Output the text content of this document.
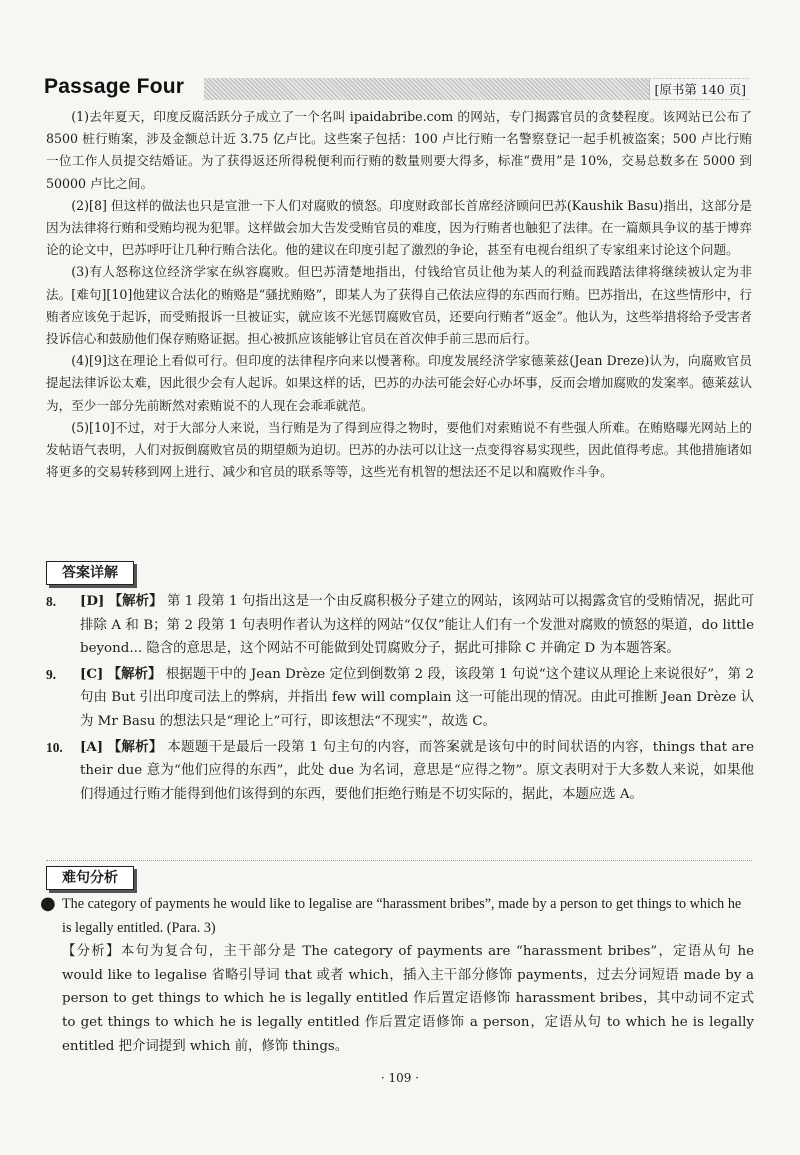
Passage Four	[原书第 140 页]

(1)去年夏天，印度反腐活跃分子成立了一个名叫 ipaidabribe.com 的网站，专门揭露官员的贪婪程度。该网站已公布了 8500 桩行贿案，涉及金额总计近 3.75 亿卢比。这些案子包括：100 卢比行贿一名警察登记一起手机被盗案；500 卢比行贿一位工作人员提交结婚证。为了获得返还所得税便利而行贿的数量则要大得多，标准“费用”是 10%，交易总数多在 5000 到 50000 卢比之间。

(2)[8] 但这样的做法也只是宣泄一下人们对腐败的愤怒。印度财政部长首席经济顾问巴苏(Kaushik Basu)指出，这部分是因为法律将行贿和受贿均视为犯罪。这样做会加大告发受贿官员的难度，因为行贿者也触犯了法律。在一篇颇具争议的基于博弈论的论文中，巴苏呼吁让几种行贿合法化。他的建议在印度引起了激烈的争论，甚至有电视台组织了专家组来讨论这个问题。

(3)有人怒称这位经济学家在纵容腐败。但巴苏清楚地指出，付钱给官员让他为某人的利益而践踏法律将继续被认定为非法。[难句][10]他建议合法化的贿赂是“骚扰贿赂”，即某人为了获得自己依法应得的东西而行贿。巴苏指出，在这些情形中，行贿者应该免于起诉，而受贿报诉一旦被证实，就应该不光惩罚腐败官员，还要向行贿者“返金”。他认为，这些举措将给予受害者投诉信心和鼓励他们保存贿赂证据。担心被抓应该能够让官员在首次伸手前三思而后行。

(4)[9]这在理论上看似可行。但印度的法律程序向来以慢著称。印度发展经济学家德莱兹(Jean Dreze)认为，向腐败官员提起法律诉讼太难，因此很少会有人起诉。如果这样的话，巴苏的办法可能会好心办坏事，反而会增加腐败的发案率。德莱兹认为，至少一部分先前断然对索贿说不的人现在会乖乖就范。

(5)[10]不过，对于大部分人来说，当行贿是为了得到应得之物时，要他们对索贿说不有些强人所难。在贿赂曝光网站上的发帖语气表明，人们对扳倒腐败官员的期望颇为迫切。巴苏的办法可以让这一点变得容易实现些，因此值得考虑。其他措施诸如将更多的交易转移到网上进行、减少和官员的联系等等，这些光有机智的想法还不足以和腐败作斗争。

答案详解
8.	[D] 【解析】 第 1 段第 1 句指出这是一个由反腐积极分子建立的网站，该网站可以揭露贪官的受贿情况，据此可排除 A 和 B；第 2 段第 1 句表明作者认为这样的网站“仅仅”能让人们有一个发泄对腐败的愤怒的渠道，do little beyond... 隐含的意思是，这个网站不可能做到处罚腐败分子，据此可排除 C 并确定 D 为本题答案。
9.	[C] 【解析】 根据题干中的 Jean Drèze 定位到倒数第 2 段，该段第 1 句说“这个建议从理论上来说很好”，第 2 句由 But 引出印度司法上的弊病，并指出 few will complain 这一可能出现的情况。由此可推断 Jean Drèze 认为 Mr Basu 的想法只是“理论上”可行，即该想法“不现实”，故选 C。
10.	[A] 【解析】 本题题干是最后一段第 1 句主句的内容，而答案就是该句中的时间状语的内容，things that are their due 意为“他们应得的东西”，此处 due 为名词，意思是“应得之物”。原文表明对于大多数人来说，如果他们得通过行贿才能得到他们该得到的东西，要他们拒绝行贿是不切实际的，据此，本题应选 A。
难句分析
● The category of payments he would like to legalise are “harassment bribes”, made by a person to get things to which he is legally entitled. (Para. 3)
【分析】本句为复合句，主干部分是 The category of payments are “harassment bribes”，定语从句 he would like to legalise 省略引导词 that 或者 which，插入主干部分修饰 payments，过去分词短语 made by a person to get things to which he is legally entitled 作后置定语修饰 harassment bribes，其中动词不定式 to get things to which he is legally entitled 作后置定语修饰 a person，定语从句 to which he is legally entitled 把介词提到 which 前，修饰 things。
· 109 ·
